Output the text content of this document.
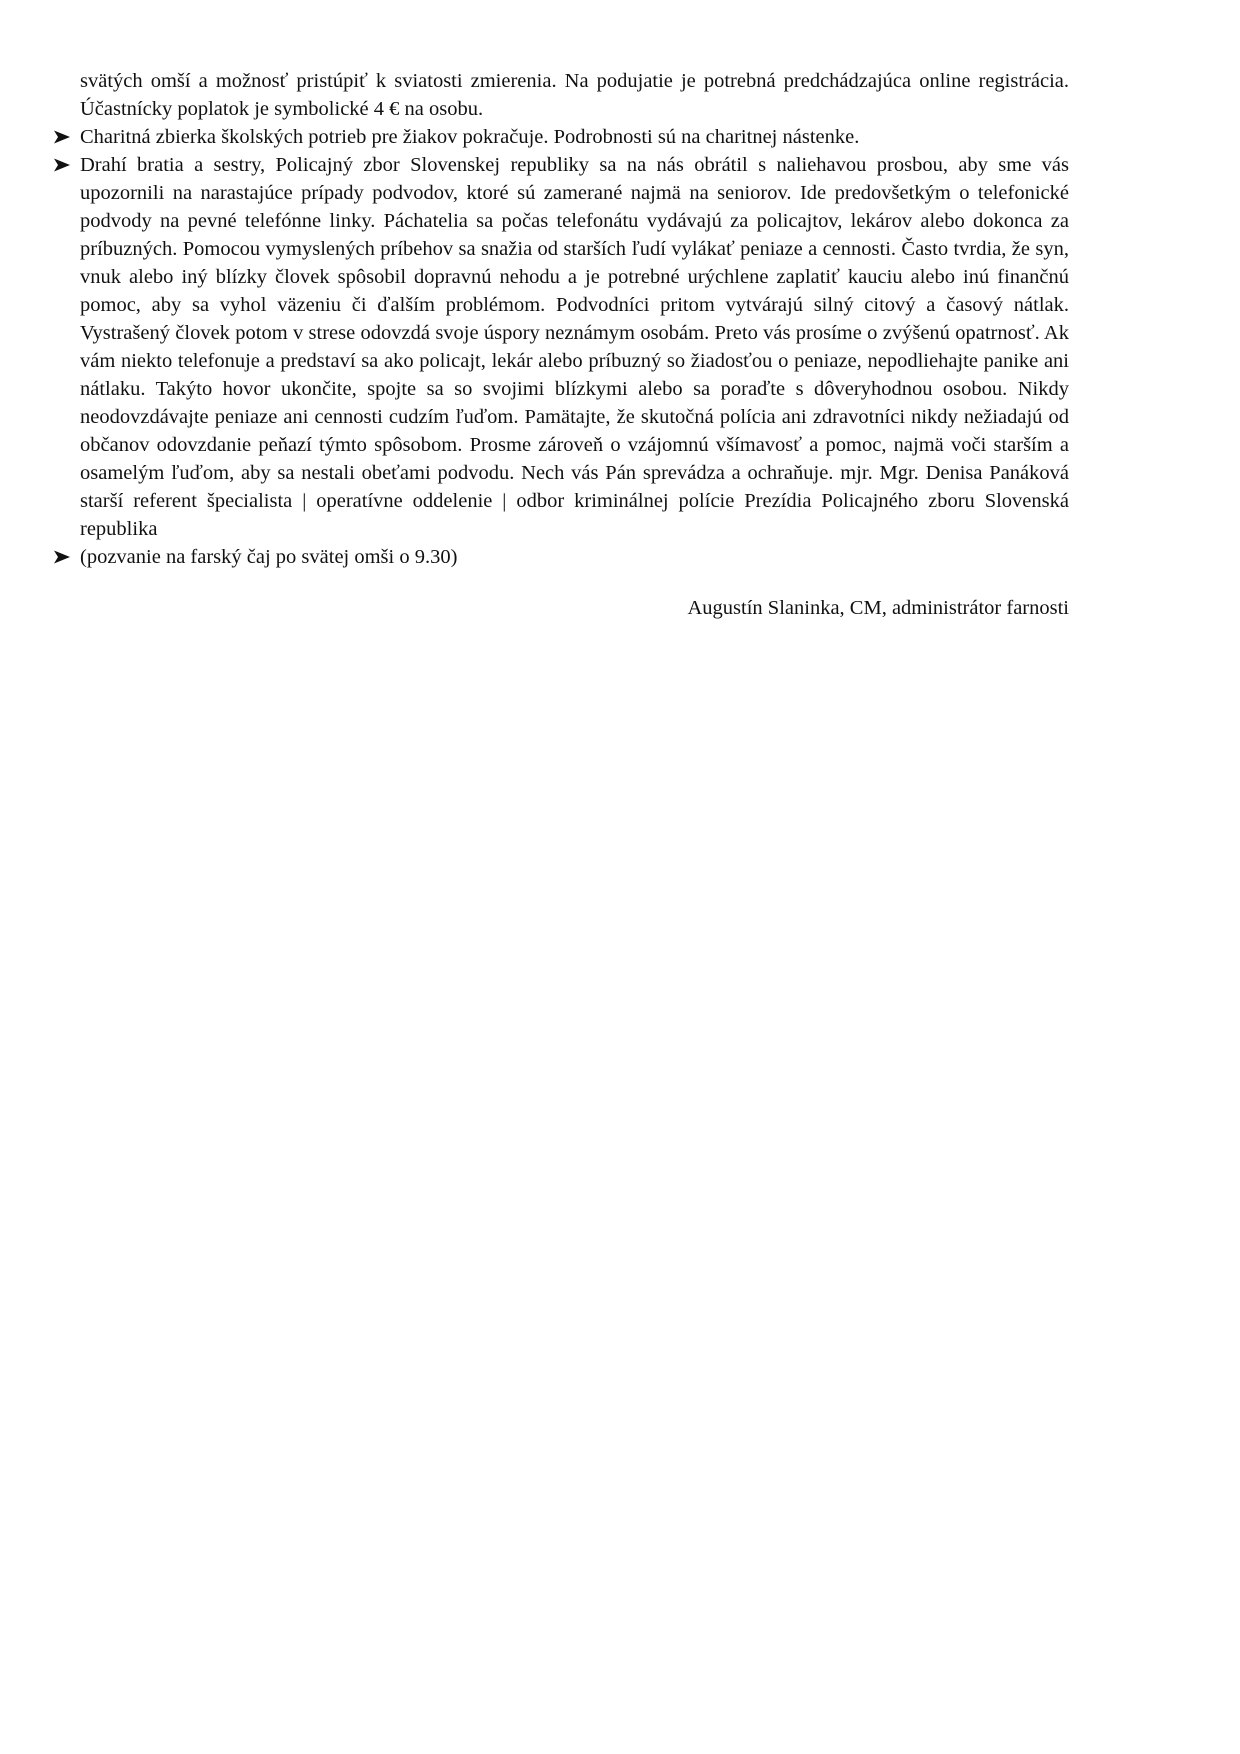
svätých omší a možnosť pristúpiť k sviatosti zmierenia. Na podujatie je potrebná predchádzajúca online registrácia. Účastnícky poplatok je symbolické 4 € na osobu.

Charitná zbierka školských potrieb pre žiakov pokračuje. Podrobnosti sú na charitnej nástenke.

Drahí bratia a sestry, Policajný zbor Slovenskej republiky sa na nás obrátil s naliehavou prosbou, aby sme vás upozornili na narastajúce prípady podvodov, ktoré sú zamerané najmä na seniorov. Ide predovšetkým o telefonické podvody na pevné telefónne linky. Páchatelia sa počas telefonátu vydávajú za policajtov, lekárov alebo dokonca za príbuzných. Pomocou vymyslených príbehov sa snažia od starších ľudí vylákať peniaze a cennosti. Často tvrdia, že syn, vnuk alebo iný blízky človek spôsobil dopravnú nehodu a je potrebné urýchlene zaplatiť kauciu alebo inú finančnú pomoc, aby sa vyhol väzeniu či ďalším problémom. Podvodníci pritom vytvárajú silný citový a časový nátlak. Vystrašený človek potom v strese odovzdá svoje úspory neznámym osobám. Preto vás prosíme o zvýšenú opatrnosť. Ak vám niekto telefonuje a predstaví sa ako policajt, lekár alebo príbuzný so žiadosťou o peniaze, nepodliehajte panike ani nátlaku. Takýto hovor ukončite, spojte sa so svojimi blízkymi alebo sa poraďte s dôveryhodnou osobou. Nikdy neodovzdávajte peniaze ani cennosti cudzím ľuďom. Pamätajte, že skutočná polícia ani zdravotníci nikdy nežiadajú od občanov odovzdanie peňazí týmto spôsobom. Prosme zároveň o vzájomnú všímavosť a pomoc, najmä voči starším a osamelým ľuďom, aby sa nestali obeťami podvodu. Nech vás Pán sprevádza a ochraňuje. mjr. Mgr. Denisa Panáková starší referent špecialista | operatívne oddelenie | odbor kriminálnej polície Prezídia Policajného zboru Slovenská republika

(pozvanie na farský čaj po svätej omši o 9.30)

Augustín Slaninka, CM, administrátor farnosti
